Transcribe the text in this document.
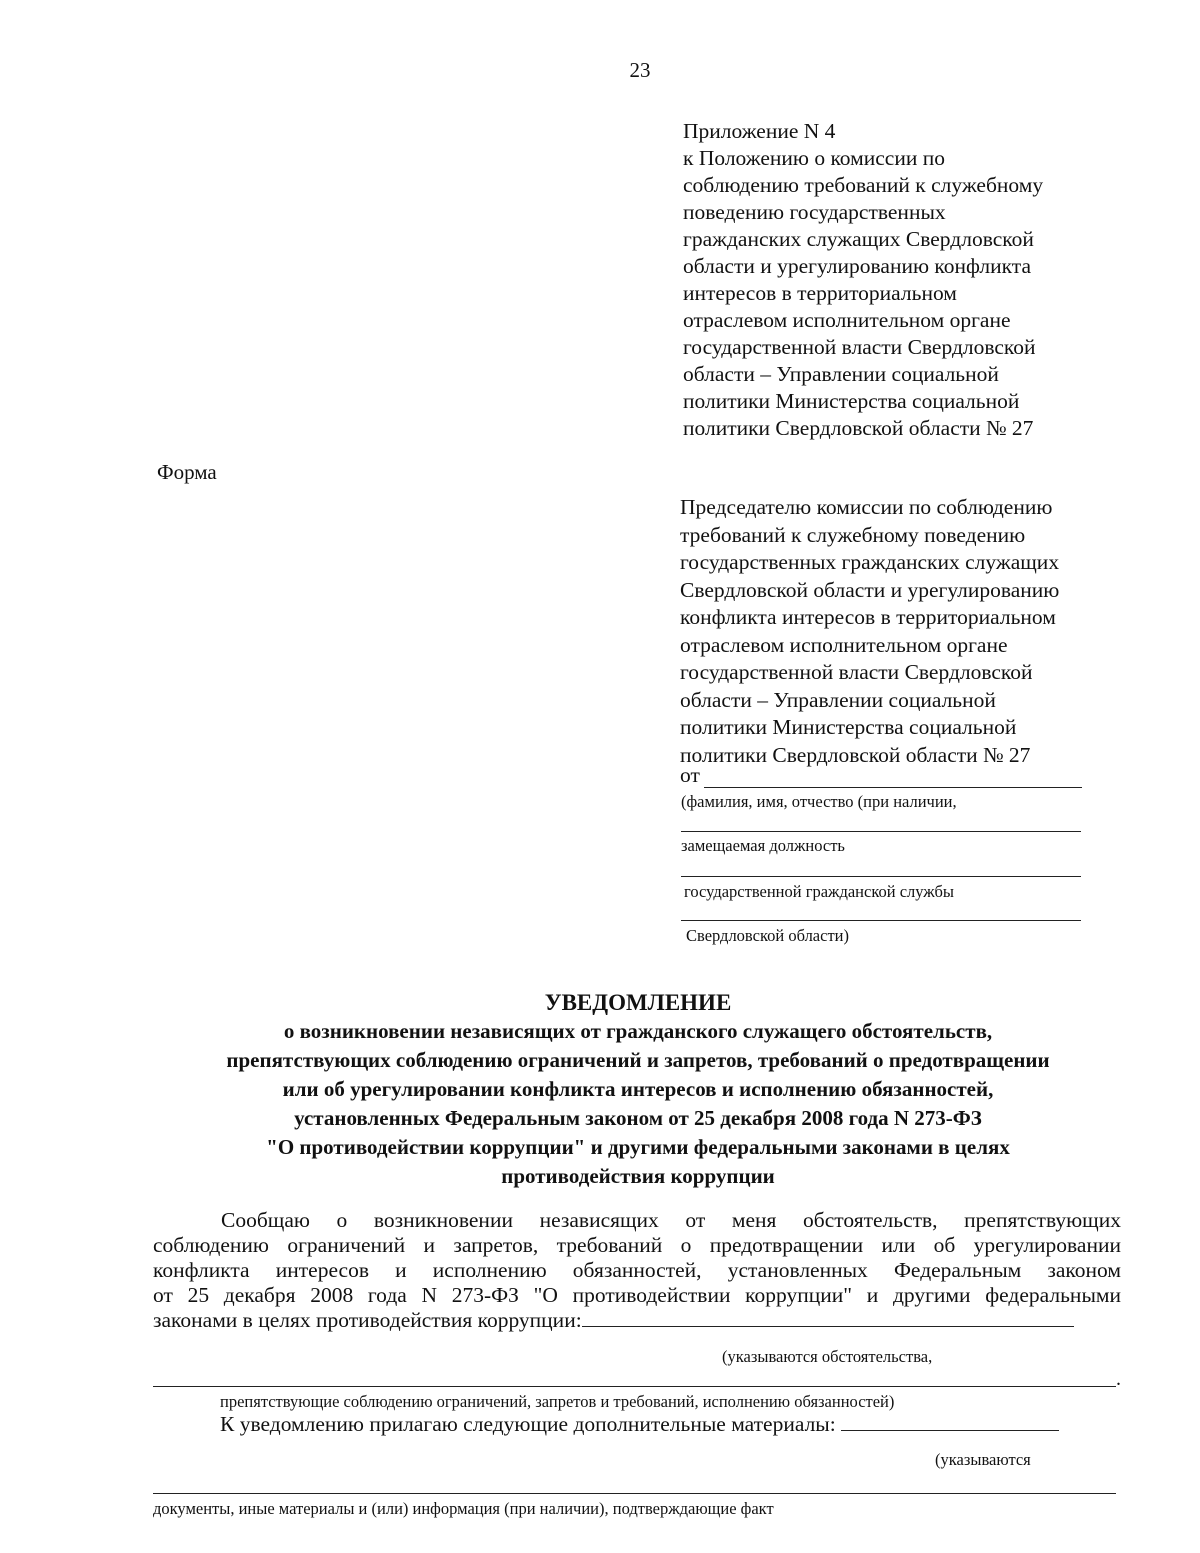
23
Приложение N 4
к Положению о комиссии по
соблюдению требований к служебному
поведению государственных
гражданских служащих Свердловской
области и урегулированию конфликта
интересов в территориальном
отраслевом исполнительном органе
государственной власти Свердловской
области – Управлении социальной
политики Министерства социальной
политики Свердловской области № 27
Форма
Председателю комиссии по соблюдению
требований к служебному поведению
государственных гражданских служащих
Свердловской области и урегулированию
конфликта интересов в территориальном
отраслевом исполнительном органе
государственной власти Свердловской
области – Управлении социальной
политики Министерства социальной
политики Свердловской области № 27
от
(фамилия, имя, отчество (при наличии,
замещаемая должность
государственной гражданской службы
Свердловской области)
УВЕДОМЛЕНИЕ
о возникновении независящих от гражданского служащего обстоятельств,
препятствующих соблюдению ограничений и запретов, требований о предотвращении
или об урегулировании конфликта интересов и исполнению обязанностей,
установленных Федеральным законом от 25 декабря 2008 года N 273-ФЗ
"О противодействии коррупции" и другими федеральными законами в целях
противодействия коррупции
Сообщаю о возникновении независящих от меня обстоятельств, препятствующих
соблюдению ограничений и запретов, требований о предотвращении или об урегулировании
конфликта интересов и исполнению обязанностей, установленных Федеральным законом
от 25 декабря 2008 года N 273-ФЗ "О противодействии коррупции" и другими федеральными
законами в целях противодействия коррупции:
(указываются обстоятельства,
.
препятствующие соблюдению ограничений, запретов и требований, исполнению обязанностей)
К уведомлению прилагаю следующие дополнительные материалы:
(указываются
документы, иные материалы и (или) информация (при наличии), подтверждающие факт
